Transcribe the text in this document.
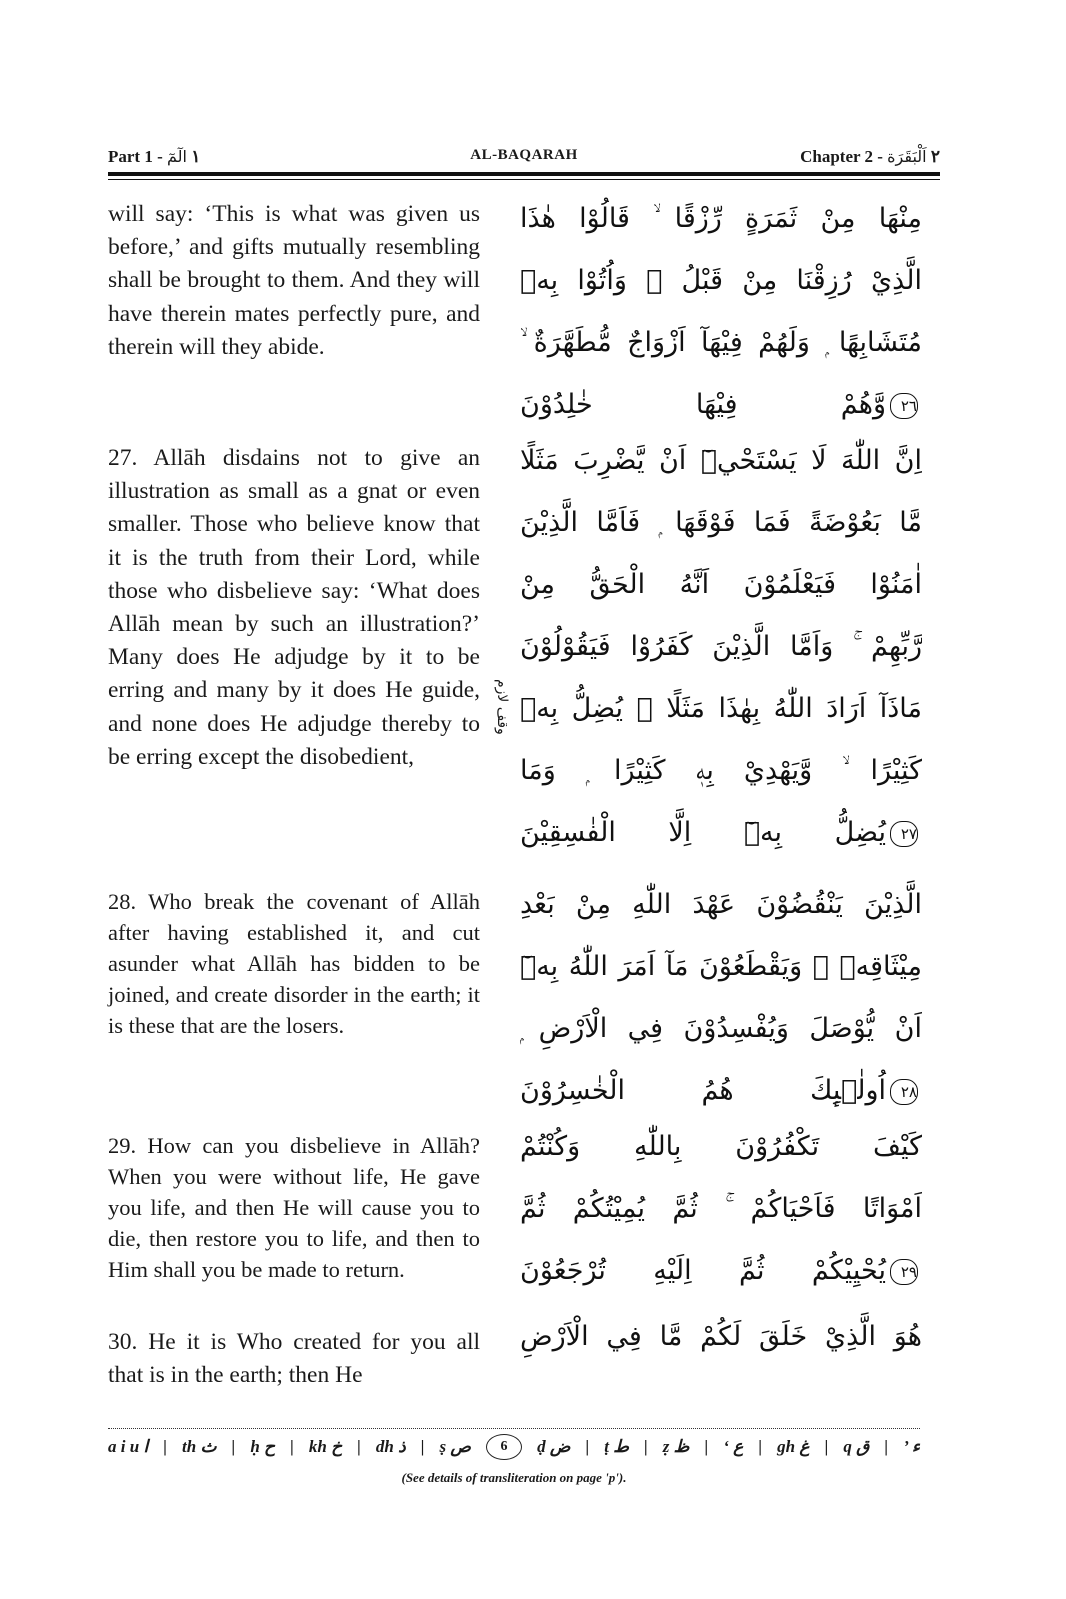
Part 1 - ١ الٓمٓ	AL-BAQARAH	Chapter 2 - ٢ اَلْبَقَرَة
will say: ‘This is what was given us before,’ and gifts mutually resembling shall be brought to them. And they will have therein mates perfectly pure, and therein will they abide.
مِنْهَا مِنْ ثَمَرَةٍ رِّزْقًا ۙ قَالُوْا هٰذَا
الَّذِيْ رُزِقْنَا مِنْ قَبْلُ ۙ وَاُتُوْا بِهٖ
مُتَشَابِهًا ۭ وَلَهُمْ فِيْهَآ اَزْوَاجٌ مُّطَهَّرَةٌ ۙ
٢٦وَّهُمْ فِيْهَا خٰلِدُوْنَ
27. Allāh disdains not to give an illustration as small as a gnat or even smaller. Those who believe know that it is the truth from their Lord, while those who disbelieve say: ‘What does Allāh mean by such an illustration?’ Many does He adjudge by it to be erring and many by it does He guide, and none does He adjudge thereby to be erring except the disobedient,
وقف لازم
اِنَّ اللّٰهَ لَا يَسْتَحْيٖٓ اَنْ يَّضْرِبَ مَثَلًا
مَّا بَعُوْضَةً فَمَا فَوْقَهَا ۭ فَاَمَّا الَّذِيْنَ
اٰمَنُوْا فَيَعْلَمُوْنَ اَنَّهُ الْحَقُّ مِنْ
رَّبِّهِمْ ۚ وَاَمَّا الَّذِيْنَ كَفَرُوْا فَيَقُوْلُوْنَ
مَاذَآ اَرَادَ اللّٰهُ بِهٰذَا مَثَلًا ۘ يُضِلُّ بِهٖ
كَثِيْرًا ۙ وَّيَهْدِيْ بِهٖ كَثِيْرًا ۭ وَمَا
٢٧يُضِلُّ بِهٖٓ اِلَّا الْفٰسِقِيْنَ
28. Who break the covenant of Allāh after having established it, and cut asunder what Allāh has bidden to be joined, and create disorder in the earth; it is these that are the losers.
الَّذِيْنَ يَنْقُضُوْنَ عَهْدَ اللّٰهِ مِنْ بَعْدِ
مِيْثَاقِهٖ ۠ وَيَقْطَعُوْنَ مَآ اَمَرَ اللّٰهُ بِهٖٓ
اَنْ يُّوْصَلَ وَيُفْسِدُوْنَ فِي الْاَرْضِ ۭ
٢٨اُولٰۗىِٕكَ هُمُ الْخٰسِرُوْنَ
29. How can you disbelieve in Allāh? When you were without life, He gave you life, and then He will cause you to die, then restore you to life, and then to Him shall you be made to return.
كَيْفَ تَكْفُرُوْنَ بِاللّٰهِ وَكُنْتُمْ
اَمْوَاتًا فَاَحْيَاكُمْ ۚ ثُمَّ يُمِيْتُكُمْ ثُمَّ
٢٩يُحْيِيْكُمْ ثُمَّ اِلَيْهِ تُرْجَعُوْنَ
30. He it is Who created for you all that is in the earth; then He
هُوَ الَّذِيْ خَلَقَ لَكُمْ مَّا فِي الْاَرْضِ
a i u ا | th ث | ḥ ح | kh خ | dh ذ | ṣ ص	6	ḍ ض | ṭ ط | ẓ ظ | ‘ ع | gh غ | q ق | ’ ء
(See details of transliteration on page 'p').
